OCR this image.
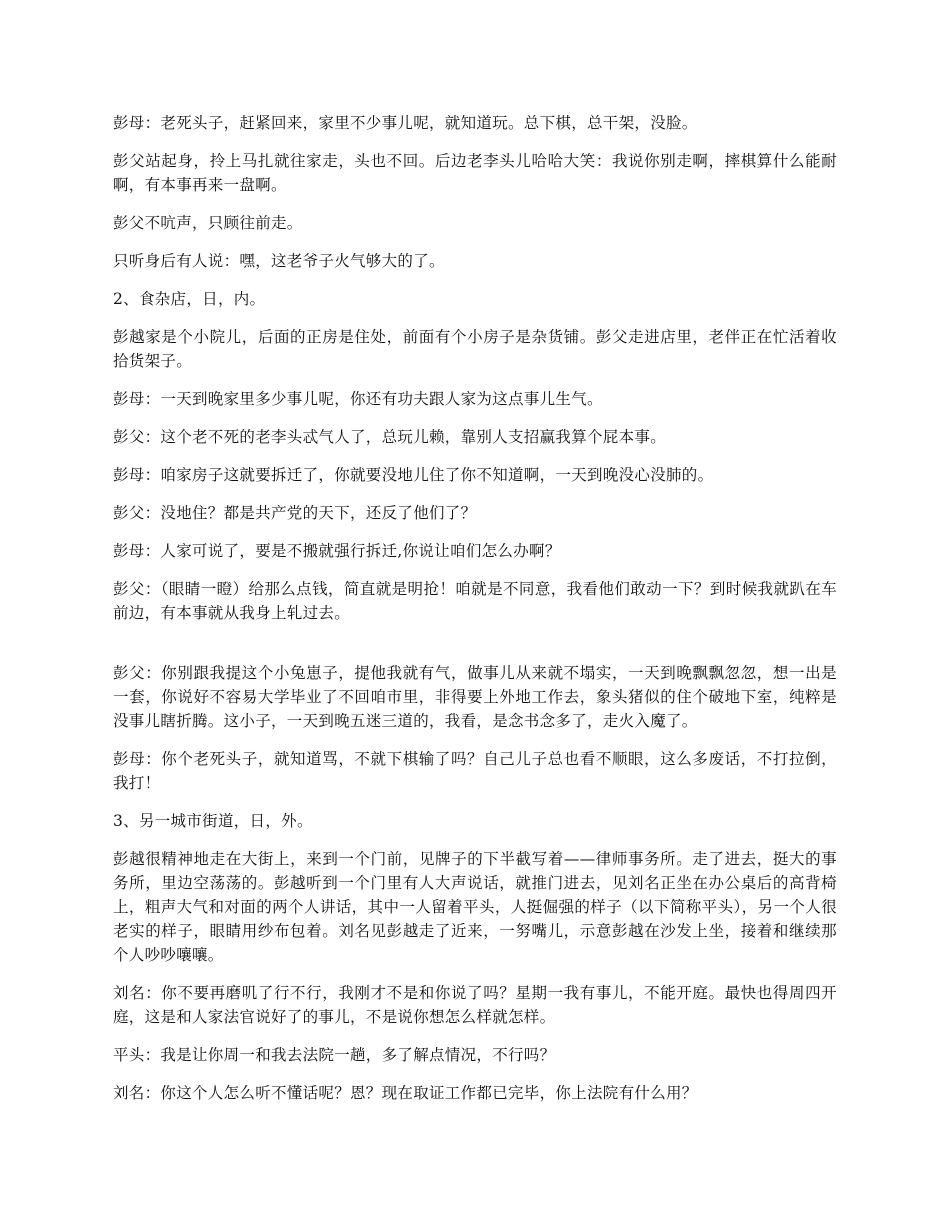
彭母：老死头子，赶紧回来，家里不少事儿呢，就知道玩。总下棋，总干架，没脸。

彭父站起身，拎上马扎就往家走，头也不回。后边老李头儿哈哈大笑：我说你别走啊，摔棋算什么能耐啊，有本事再来一盘啊。

彭父不吭声，只顾往前走。

只听身后有人说：嘿，这老爷子火气够大的了。

2、食杂店，日，内。

彭越家是个小院儿，后面的正房是住处，前面有个小房子是杂货铺。彭父走进店里，老伴正在忙活着收拾货架子。

彭母：一天到晚家里多少事儿呢，你还有功夫跟人家为这点事儿生气。

彭父：这个老不死的老李头忒气人了，总玩儿赖，靠别人支招赢我算个屁本事。

彭母：咱家房子这就要拆迁了，你就要没地儿住了你不知道啊，一天到晚没心没肺的。

彭父：没地住？都是共产党的天下，还反了他们了？

彭母：人家可说了，要是不搬就强行拆迁,你说让咱们怎么办啊？

彭父：（眼睛一瞪）给那么点钱，简直就是明抢！咱就是不同意，我看他们敢动一下？到时候我就趴在车前边，有本事就从我身上轧过去。

彭父：你别跟我提这个小兔崽子，提他我就有气，做事儿从来就不塌实，一天到晚飘飘忽忽，想一出是一套，你说好不容易大学毕业了不回咱市里，非得要上外地工作去，象头猪似的住个破地下室，纯粹是没事儿瞎折腾。这小子，一天到晚五迷三道的，我看，是念书念多了，走火入魔了。

彭母：你个老死头子，就知道骂，不就下棋输了吗？自己儿子总也看不顺眼，这么多废话，不打拉倒，我打！

3、另一城市街道，日，外。

彭越很精神地走在大街上，来到一个门前，见牌子的下半截写着——律师事务所。走了进去，挺大的事务所，里边空荡荡的。彭越听到一个门里有人大声说话，就推门进去，见刘名正坐在办公桌后的高背椅上，粗声大气和对面的两个人讲话，其中一人留着平头，人挺倔强的样子（以下简称平头），另一个人很老实的样子，眼睛用纱布包着。刘名见彭越走了近来，一努嘴儿，示意彭越在沙发上坐，接着和继续那个人吵吵嚷嚷。

刘名：你不要再磨叽了行不行，我刚才不是和你说了吗？星期一我有事儿，不能开庭。最快也得周四开庭，这是和人家法官说好了的事儿，不是说你想怎么样就怎样。

平头：我是让你周一和我去法院一趟，多了解点情况，不行吗？

刘名：你这个人怎么听不懂话呢？恩？现在取证工作都已完毕，你上法院有什么用？
